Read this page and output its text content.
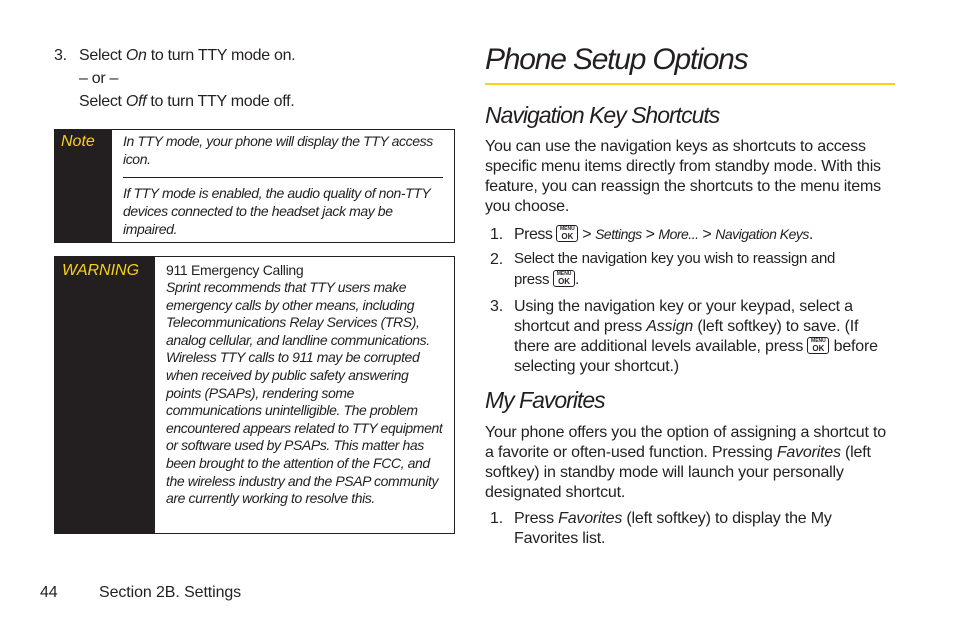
3. Select On to turn TTY mode on.
– or –
Select Off to turn TTY mode off.
Note In TTY mode, your phone will display the TTY access icon.
If TTY mode is enabled, the audio quality of non-TTY devices connected to the headset jack may be impaired.
WARNING 911 Emergency Calling
Sprint recommends that TTY users make emergency calls by other means, including Telecommunications Relay Services (TRS), analog cellular, and landline communications. Wireless TTY calls to 911 may be corrupted when received by public safety answering points (PSAPs), rendering some communications unintelligible. The problem encountered appears related to TTY equipment or software used by PSAPs. This matter has been brought to the attention of the FCC, and the wireless industry and the PSAP community are currently working to resolve this.
Phone Setup Options
Navigation Key Shortcuts
You can use the navigation keys as shortcuts to access specific menu items directly from standby mode. With this feature, you can reassign the shortcuts to the menu items you choose.
1. Press MENU
OK > Settings > More... > Navigation Keys.
2. Select the navigation key you wish to reassign and
press MENU
OK .
3. Using the navigation key or your keypad, select a shortcut and press Assign (left softkey) to save. (If there are additional levels available, press MENU
OK before selecting your shortcut.)
My Favorites
Your phone offers you the option of assigning a shortcut to a favorite or often-used function. Pressing Favorites (left softkey) in standby mode will launch your personally designated shortcut.
1. Press Favorites (left softkey) to display the My Favorites list.
44	Section 2B. Settings
